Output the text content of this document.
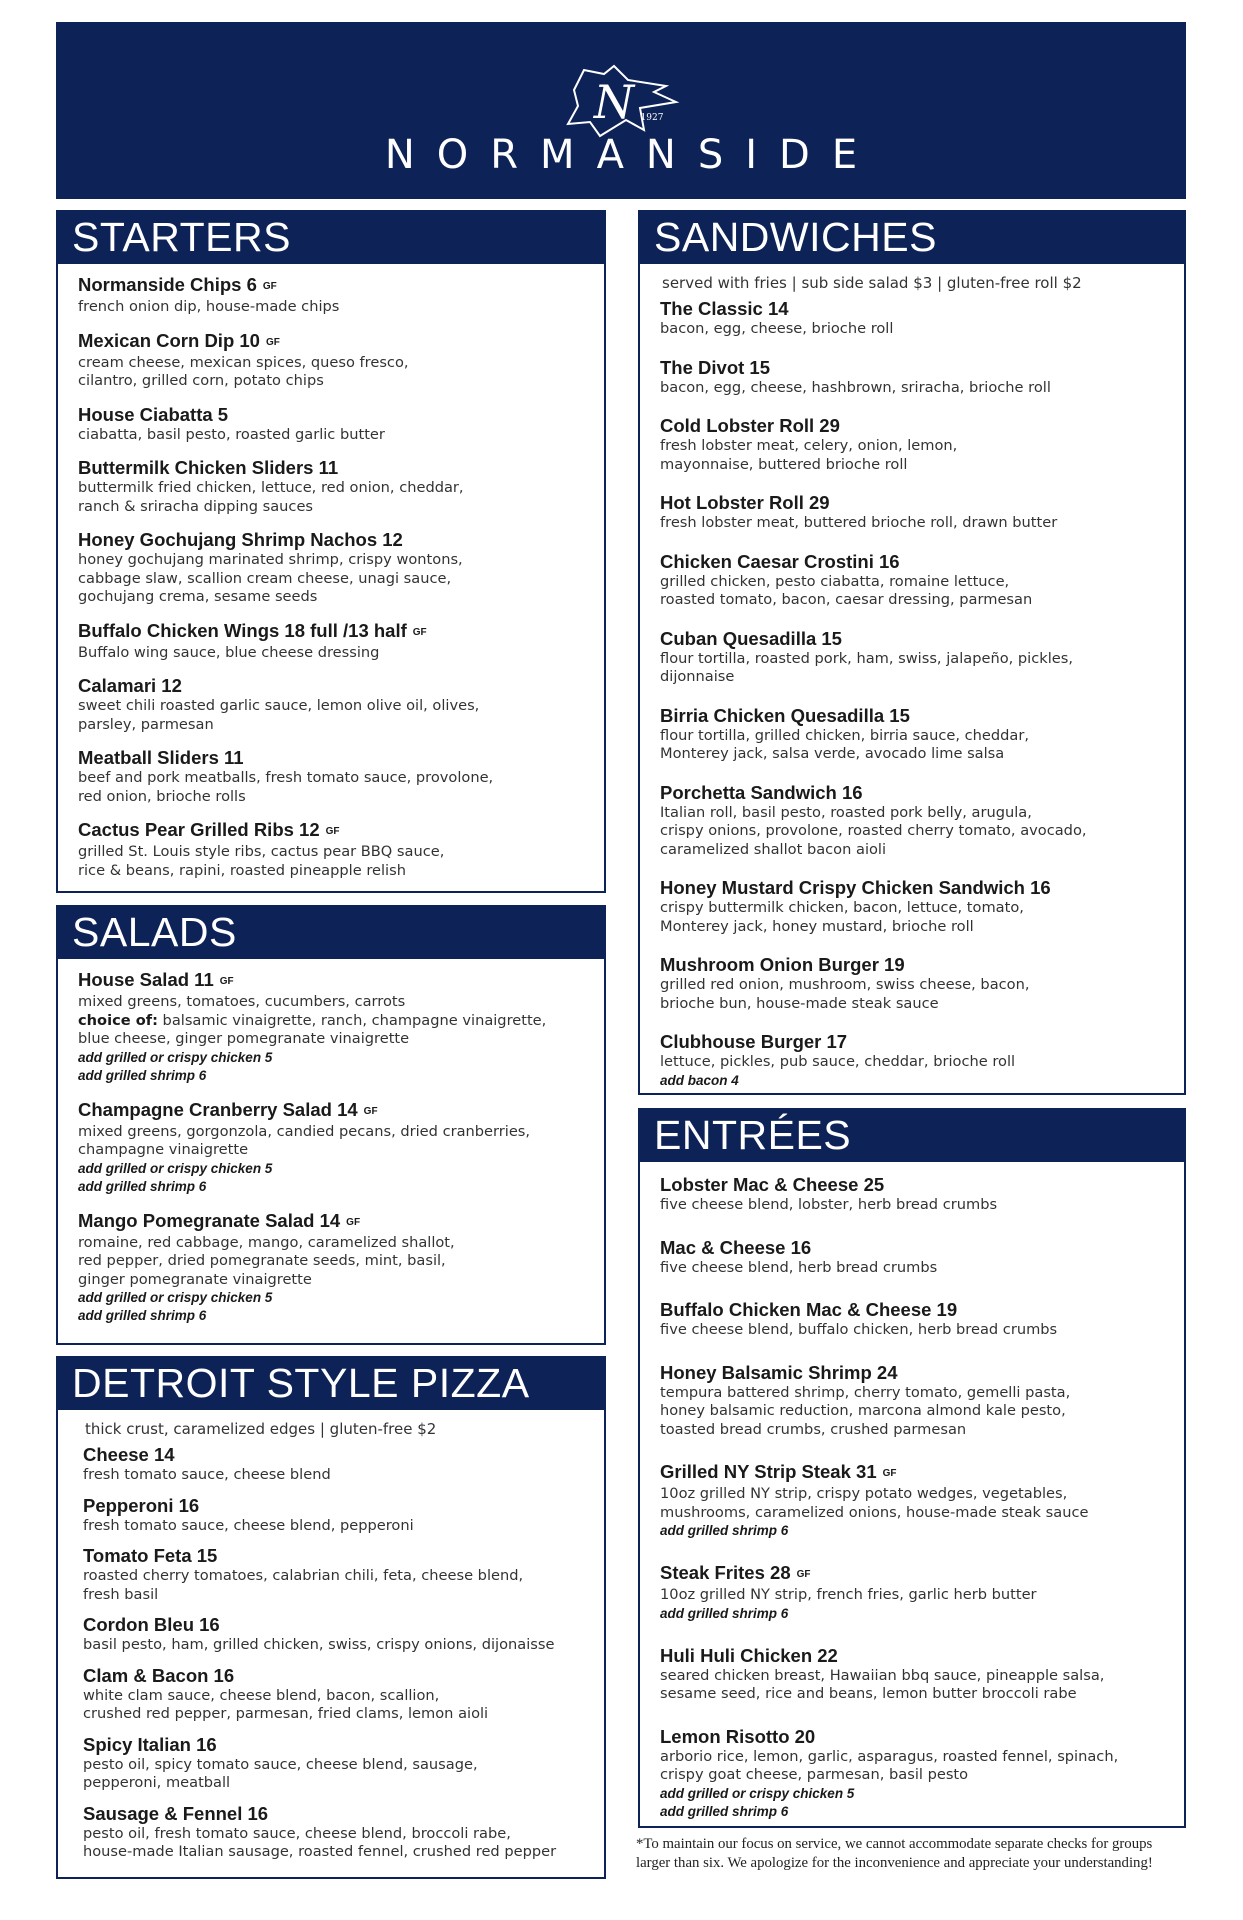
N 1927
NORMANSIDE
STARTERS
Normanside Chips 6 GF
french onion dip, house-made chips
Mexican Corn Dip 10 GF
cream cheese, mexican spices, queso fresco,
cilantro, grilled corn, potato chips
House Ciabatta 5
ciabatta, basil pesto, roasted garlic butter
Buttermilk Chicken Sliders 11
buttermilk fried chicken, lettuce, red onion, cheddar,
ranch & sriracha dipping sauces
Honey Gochujang Shrimp Nachos 12
honey gochujang marinated shrimp, crispy wontons,
cabbage slaw, scallion cream cheese, unagi sauce,
gochujang crema, sesame seeds
Buffalo Chicken Wings 18 full /13 half GF
Buffalo wing sauce, blue cheese dressing
Calamari 12
sweet chili roasted garlic sauce, lemon olive oil, olives,
parsley, parmesan
Meatball Sliders 11
beef and pork meatballs, fresh tomato sauce, provolone,
red onion, brioche rolls
Cactus Pear Grilled Ribs 12 GF
grilled St. Louis style ribs, cactus pear BBQ sauce,
rice & beans, rapini, roasted pineapple relish
SALADS
House Salad 11 GF
mixed greens, tomatoes, cucumbers, carrots
choice of: balsamic vinaigrette, ranch, champagne vinaigrette,
blue cheese, ginger pomegranate vinaigrette
add grilled or crispy chicken 5
add grilled shrimp 6
Champagne Cranberry Salad 14 GF
mixed greens, gorgonzola, candied pecans, dried cranberries,
champagne vinaigrette
add grilled or crispy chicken 5
add grilled shrimp 6
Mango Pomegranate Salad 14 GF
romaine, red cabbage, mango, caramelized shallot,
red pepper, dried pomegranate seeds, mint, basil,
ginger pomegranate vinaigrette
add grilled or crispy chicken 5
add grilled shrimp 6
DETROIT STYLE PIZZA
thick crust, caramelized edges | gluten-free $2
Cheese 14
fresh tomato sauce, cheese blend
Pepperoni 16
fresh tomato sauce, cheese blend, pepperoni
Tomato Feta 15
roasted cherry tomatoes, calabrian chili, feta, cheese blend,
fresh basil
Cordon Bleu 16
basil pesto, ham, grilled chicken, swiss, crispy onions, dijonaisse
Clam & Bacon 16
white clam sauce, cheese blend, bacon, scallion,
crushed red pepper, parmesan, fried clams, lemon aioli
Spicy Italian 16
pesto oil, spicy tomato sauce, cheese blend, sausage,
pepperoni, meatball
Sausage & Fennel 16
pesto oil, fresh tomato sauce, cheese blend, broccoli rabe,
house-made Italian sausage, roasted fennel, crushed red pepper
SANDWICHES
served with fries | sub side salad $3 | gluten-free roll $2
The Classic 14
bacon, egg, cheese, brioche roll
The Divot 15
bacon, egg, cheese, hashbrown, sriracha, brioche roll
Cold Lobster Roll 29
fresh lobster meat, celery, onion, lemon,
mayonnaise, buttered brioche roll
Hot Lobster Roll 29
fresh lobster meat, buttered brioche roll, drawn butter
Chicken Caesar Crostini 16
grilled chicken, pesto ciabatta, romaine lettuce,
roasted tomato, bacon, caesar dressing, parmesan
Cuban Quesadilla 15
flour tortilla, roasted pork, ham, swiss, jalapeño, pickles,
dijonnaise
Birria Chicken Quesadilla 15
flour tortilla, grilled chicken, birria sauce, cheddar,
Monterey jack, salsa verde, avocado lime salsa
Porchetta Sandwich 16
Italian roll, basil pesto, roasted pork belly, arugula,
crispy onions, provolone, roasted cherry tomato, avocado,
caramelized shallot bacon aioli
Honey Mustard Crispy Chicken Sandwich 16
crispy buttermilk chicken, bacon, lettuce, tomato,
Monterey jack, honey mustard, brioche roll
Mushroom Onion Burger 19
grilled red onion, mushroom, swiss cheese, bacon,
brioche bun, house-made steak sauce
Clubhouse Burger 17
lettuce, pickles, pub sauce, cheddar, brioche roll
add bacon 4
ENTRÉES
Lobster Mac & Cheese 25
five cheese blend, lobster, herb bread crumbs
Mac & Cheese 16
five cheese blend, herb bread crumbs
Buffalo Chicken Mac & Cheese 19
five cheese blend, buffalo chicken, herb bread crumbs
Honey Balsamic Shrimp 24
tempura battered shrimp, cherry tomato, gemelli pasta,
honey balsamic reduction, marcona almond kale pesto,
toasted bread crumbs, crushed parmesan
Grilled NY Strip Steak 31 GF
10oz grilled NY strip, crispy potato wedges, vegetables,
mushrooms, caramelized onions, house-made steak sauce
add grilled shrimp 6
Steak Frites 28 GF
10oz grilled NY strip, french fries, garlic herb butter
add grilled shrimp 6
Huli Huli Chicken 22
seared chicken breast, Hawaiian bbq sauce, pineapple salsa,
sesame seed, rice and beans, lemon butter broccoli rabe
Lemon Risotto 20
arborio rice, lemon, garlic, asparagus, roasted fennel, spinach,
crispy goat cheese, parmesan, basil pesto
add grilled or crispy chicken 5
add grilled shrimp 6
*To maintain our focus on service, we cannot accommodate separate checks for groups
larger than six. We apologize for the inconvenience and appreciate your understanding!
